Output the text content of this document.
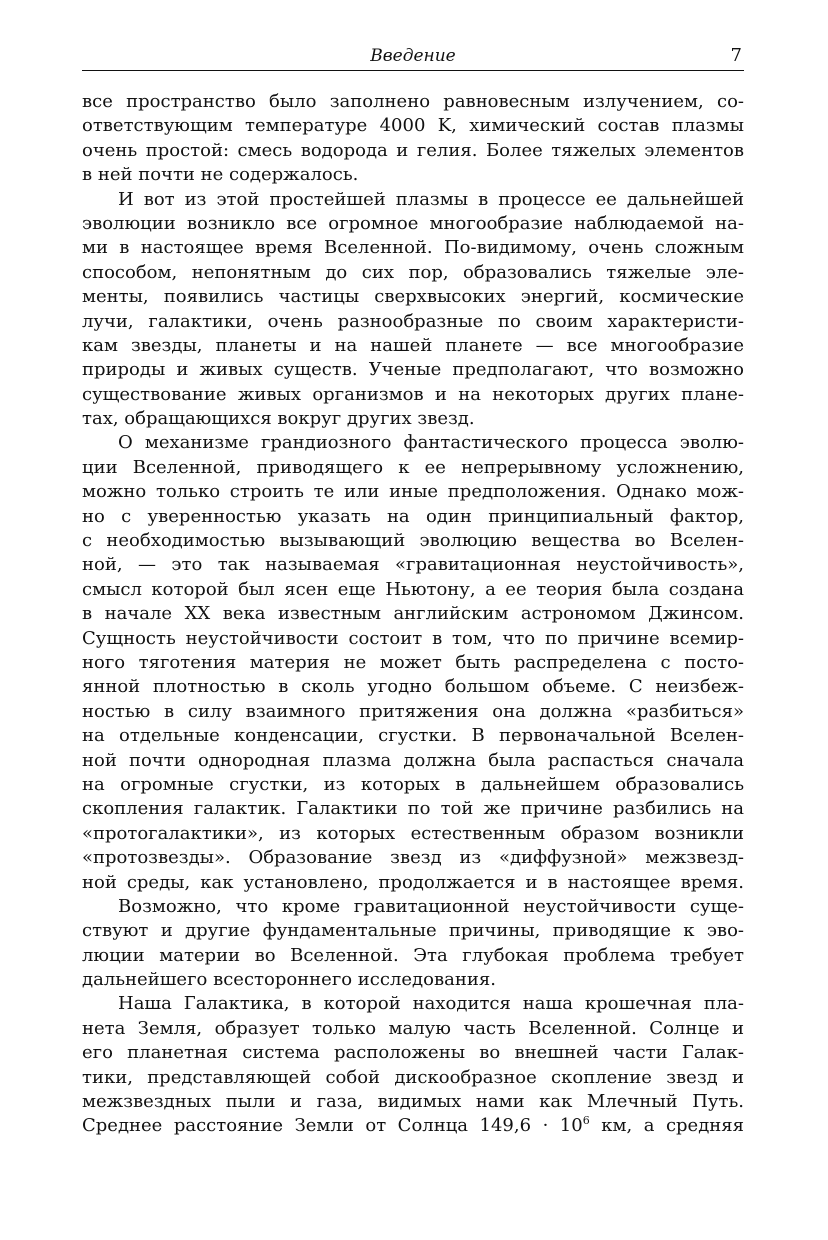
Введение	7
все пространство было заполнено равновесным излучением, со-
ответствующим температуре 4000 K, химический состав плазмы
очень простой: смесь водорода и гелия. Более тяжелых элементов
в ней почти не содержалось.
И вот из этой простейшей плазмы в процессе ее дальнейшей
эволюции возникло все огромное многообразие наблюдаемой на-
ми в настоящее время Вселенной. По-видимому, очень сложным
способом, непонятным до сих пор, образовались тяжелые эле-
менты, появились частицы сверхвысоких энергий, космические
лучи, галактики, очень разнообразные по своим характеристи-
кам звезды, планеты и на нашей планете — все многообразие
природы и живых существ. Ученые предполагают, что возможно
существование живых организмов и на некоторых других плане-
тах, обращающихся вокруг других звезд.
О механизме грандиозного фантастического процесса эволю-
ции Вселенной, приводящего к ее непрерывному усложнению,
можно только строить те или иные предположения. Однако мож-
но с уверенностью указать на один принципиальный фактор,
с необходимостью вызывающий эволюцию вещества во Вселен-
ной, — это так называемая «гравитационная неустойчивость»,
смысл которой был ясен еще Ньютону, а ее теория была создана
в начале XX века известным английским астрономом Джинсом.
Сущность неустойчивости состоит в том, что по причине всемир-
ного тяготения материя не может быть распределена с посто-
янной плотностью в сколь угодно большом объеме. С неизбеж-
ностью в силу взаимного притяжения она должна «разбиться»
на отдельные конденсации, сгустки. В первоначальной Вселен-
ной почти однородная плазма должна была распасться сначала
на огромные сгустки, из которых в дальнейшем образовались
скопления галактик. Галактики по той же причине разбились на
«протогалактики», из которых естественным образом возникли
«протозвезды». Образование звезд из «диффузной» межзвезд-
ной среды, как установлено, продолжается и в настоящее время.
Возможно, что кроме гравитационной неустойчивости суще-
ствуют и другие фундаментальные причины, приводящие к эво-
люции материи во Вселенной. Эта глубокая проблема требует
дальнейшего всестороннего исследования.
Наша Галактика, в которой находится наша крошечная пла-
нета Земля, образует только малую часть Вселенной. Солнце и
его планетная система расположены во внешней части Галак-
тики, представляющей собой дискообразное скопление звезд и
межзвездных пыли и газа, видимых нами как Млечный Путь.
Среднее расстояние Земли от Солнца $149,6 \cdot 10^6$ км, а средняя
